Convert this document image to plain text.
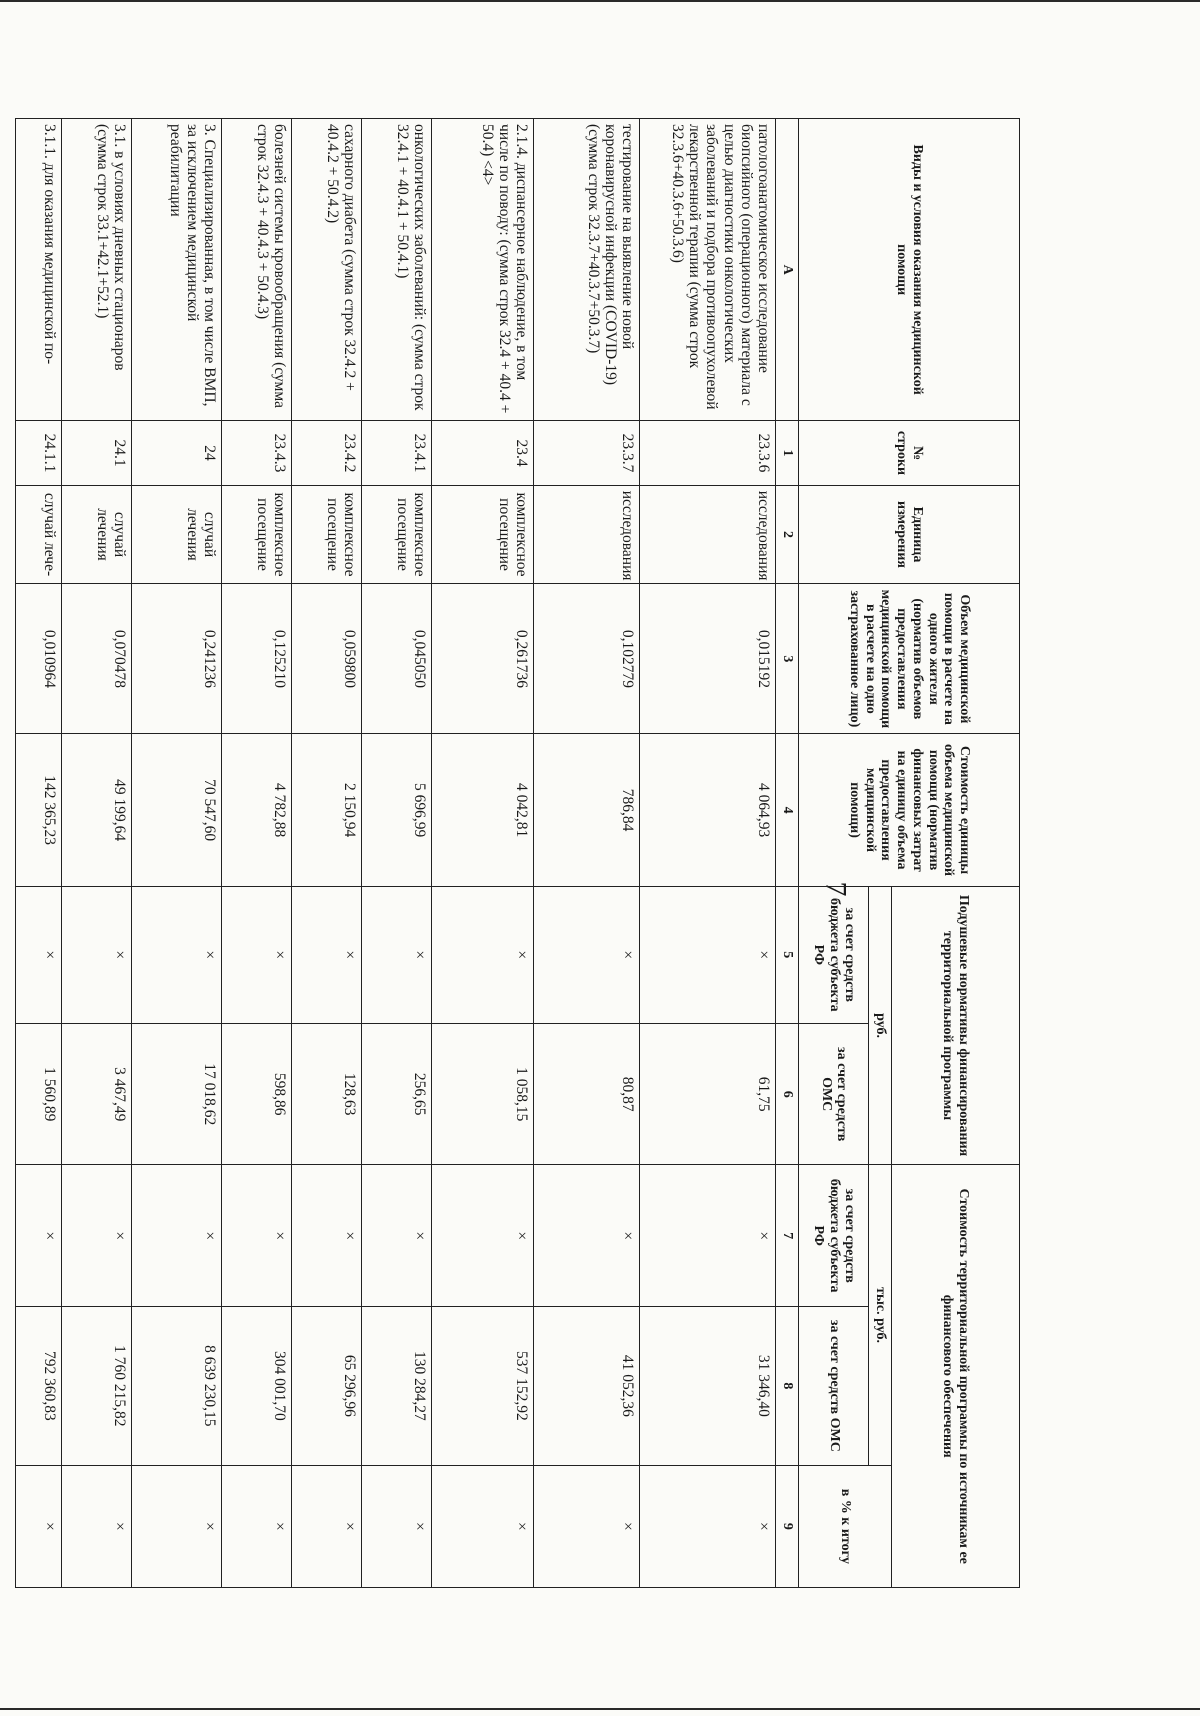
7
Виды и условия оказания медицинской помощи	№ строки	Единица измерения	Объем медицинской помощи в расчете на одного жителя (норматив объемов предоставления медицинской помощи в расчете на одно застрахованное лицо)	Стоимость единицы объема медицинской помощи (норматив финансовых затрат на единицу объема предоставления медицинской помощи)	Подушевые нормативы финансирования территориальной программы		Стоимость территориальной программы по источникам ее финансового обеспечения		
					руб.		тыс. руб.		в % к итогу
					за счет средств бюджета субъекта РФ	за счет средств ОМС	за счет средств бюджета субъекта РФ	за счет средств ОМС	
А	1	2	3	4	5	6	7	8	9
патологоанатомическое исследование биопсийного (операционного) материала с целью диагностики онкологических заболеваний и подбора противоопухолевой лекарственной терапии (сумма строк 32.3.6+40.3.6+50.3.6)	23.3.6	исследования	0,015192	4 064,93	×	61,75	×	31 346,40	×
тестирование на выявление новой коронавирусной инфекции (COVID-19) (сумма строк 32.3.7+40.3.7+50.3.7)	23.3.7	исследования	0,102779	786,84	×	80,87	×	41 052,36	×
2.1.4. диспансерное наблюдение, в том числе по поводу: (сумма строк 32.4 + 40.4 + 50.4) <4>	23.4	комплексное посещение	0,261736	4 042,81	×	1 058,15	×	537 152,92	×
онкологических заболеваний: (сумма строк 32.4.1 + 40.4.1 + 50.4.1)	23.4.1	комплексное посещение	0,045050	5 696,99	×	256,65	×	130 284,27	×
сахарного диабета (сумма строк 32.4.2 + 40.4.2 + 50.4.2)	23.4.2	комплексное посещение	0,059800	2 150,94	×	128,63	×	65 296,96	×
болезней системы кровообращения (сумма строк 32.4.3 + 40.4.3 + 50.4.3)	23.4.3	комплексное посещение	0,125210	4 782,88	×	598,86	×	304 001,70	×
3. Специализированная, в том числе ВМП, за исключением медицинской реабилитации	24	случай лечения	0,241236	70 547,60	×	17 018,62	×	8 639 230,15	×
3.1. в условиях дневных стационаров (сумма строк 33.1+42.1+52.1)	24.1	случай лечения	0,070478	49 199,64	×	3 467,49	×	1 760 215,82	×
3.1.1. для оказания медицинской по-	24.1.1	случай лече-	0,010964	142 365,23	×	1 560,89	×	792 360,83	×
